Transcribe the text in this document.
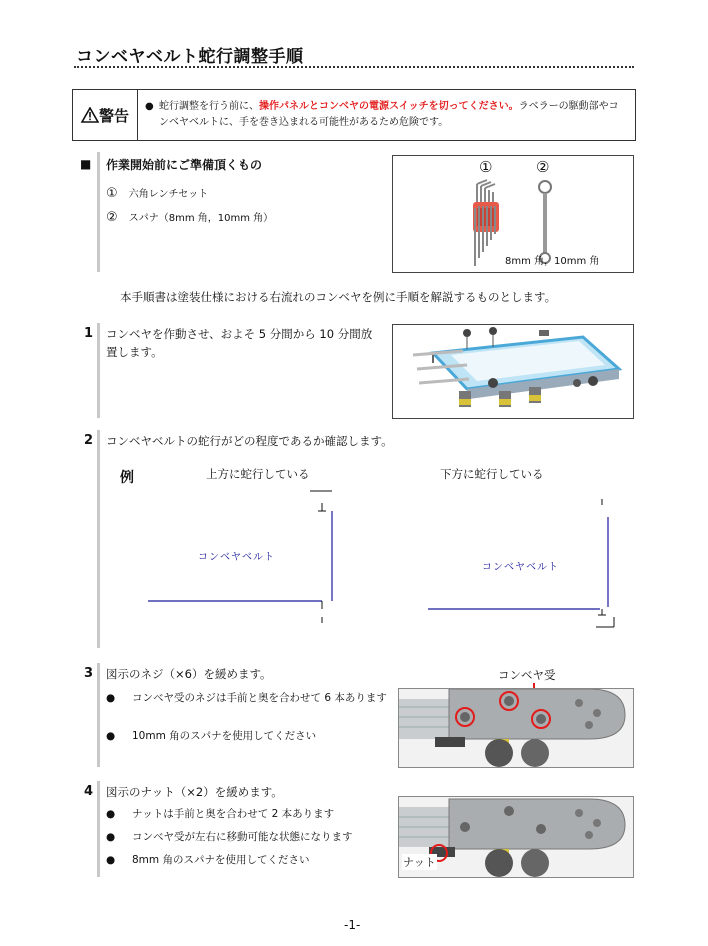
コンベヤベルト蛇行調整手順
警告 ● 蛇行調整を行う前に、操作パネルとコンベヤの電源スイッチを切ってください。ラベラーの駆動部やコンベヤベルトに、手を巻き込まれる可能性があるため危険です。
■ 作業開始前にご準備頂くもの
① 六角レンチセット
② スパナ（8mm 角，10mm 角）
①	②
8mm 角，10mm 角
本手順書は塗装仕様における右流れのコンベヤを例に手順を解説するものとします。
1 コンベヤを作動させ、およそ 5 分間から 10 分間放置します。
2 コンベヤベルトの蛇行がどの程度であるか確認します。
例	上方に蛇行している	下方に蛇行している
コンベヤベルト
コンベヤベルト
3 図示のネジ（×6）を緩めます。
● コンベヤ受のネジは手前と奥を合わせて 6 本あります
● 10mm 角のスパナを使用してください
コンベヤ受
4 図示のナット（×2）を緩めます。
● ナットは手前と奥を合わせて 2 本あります
● コンベヤ受が左右に移動可能な状態になります
● 8mm 角のスパナを使用してください	ナット
-1-
